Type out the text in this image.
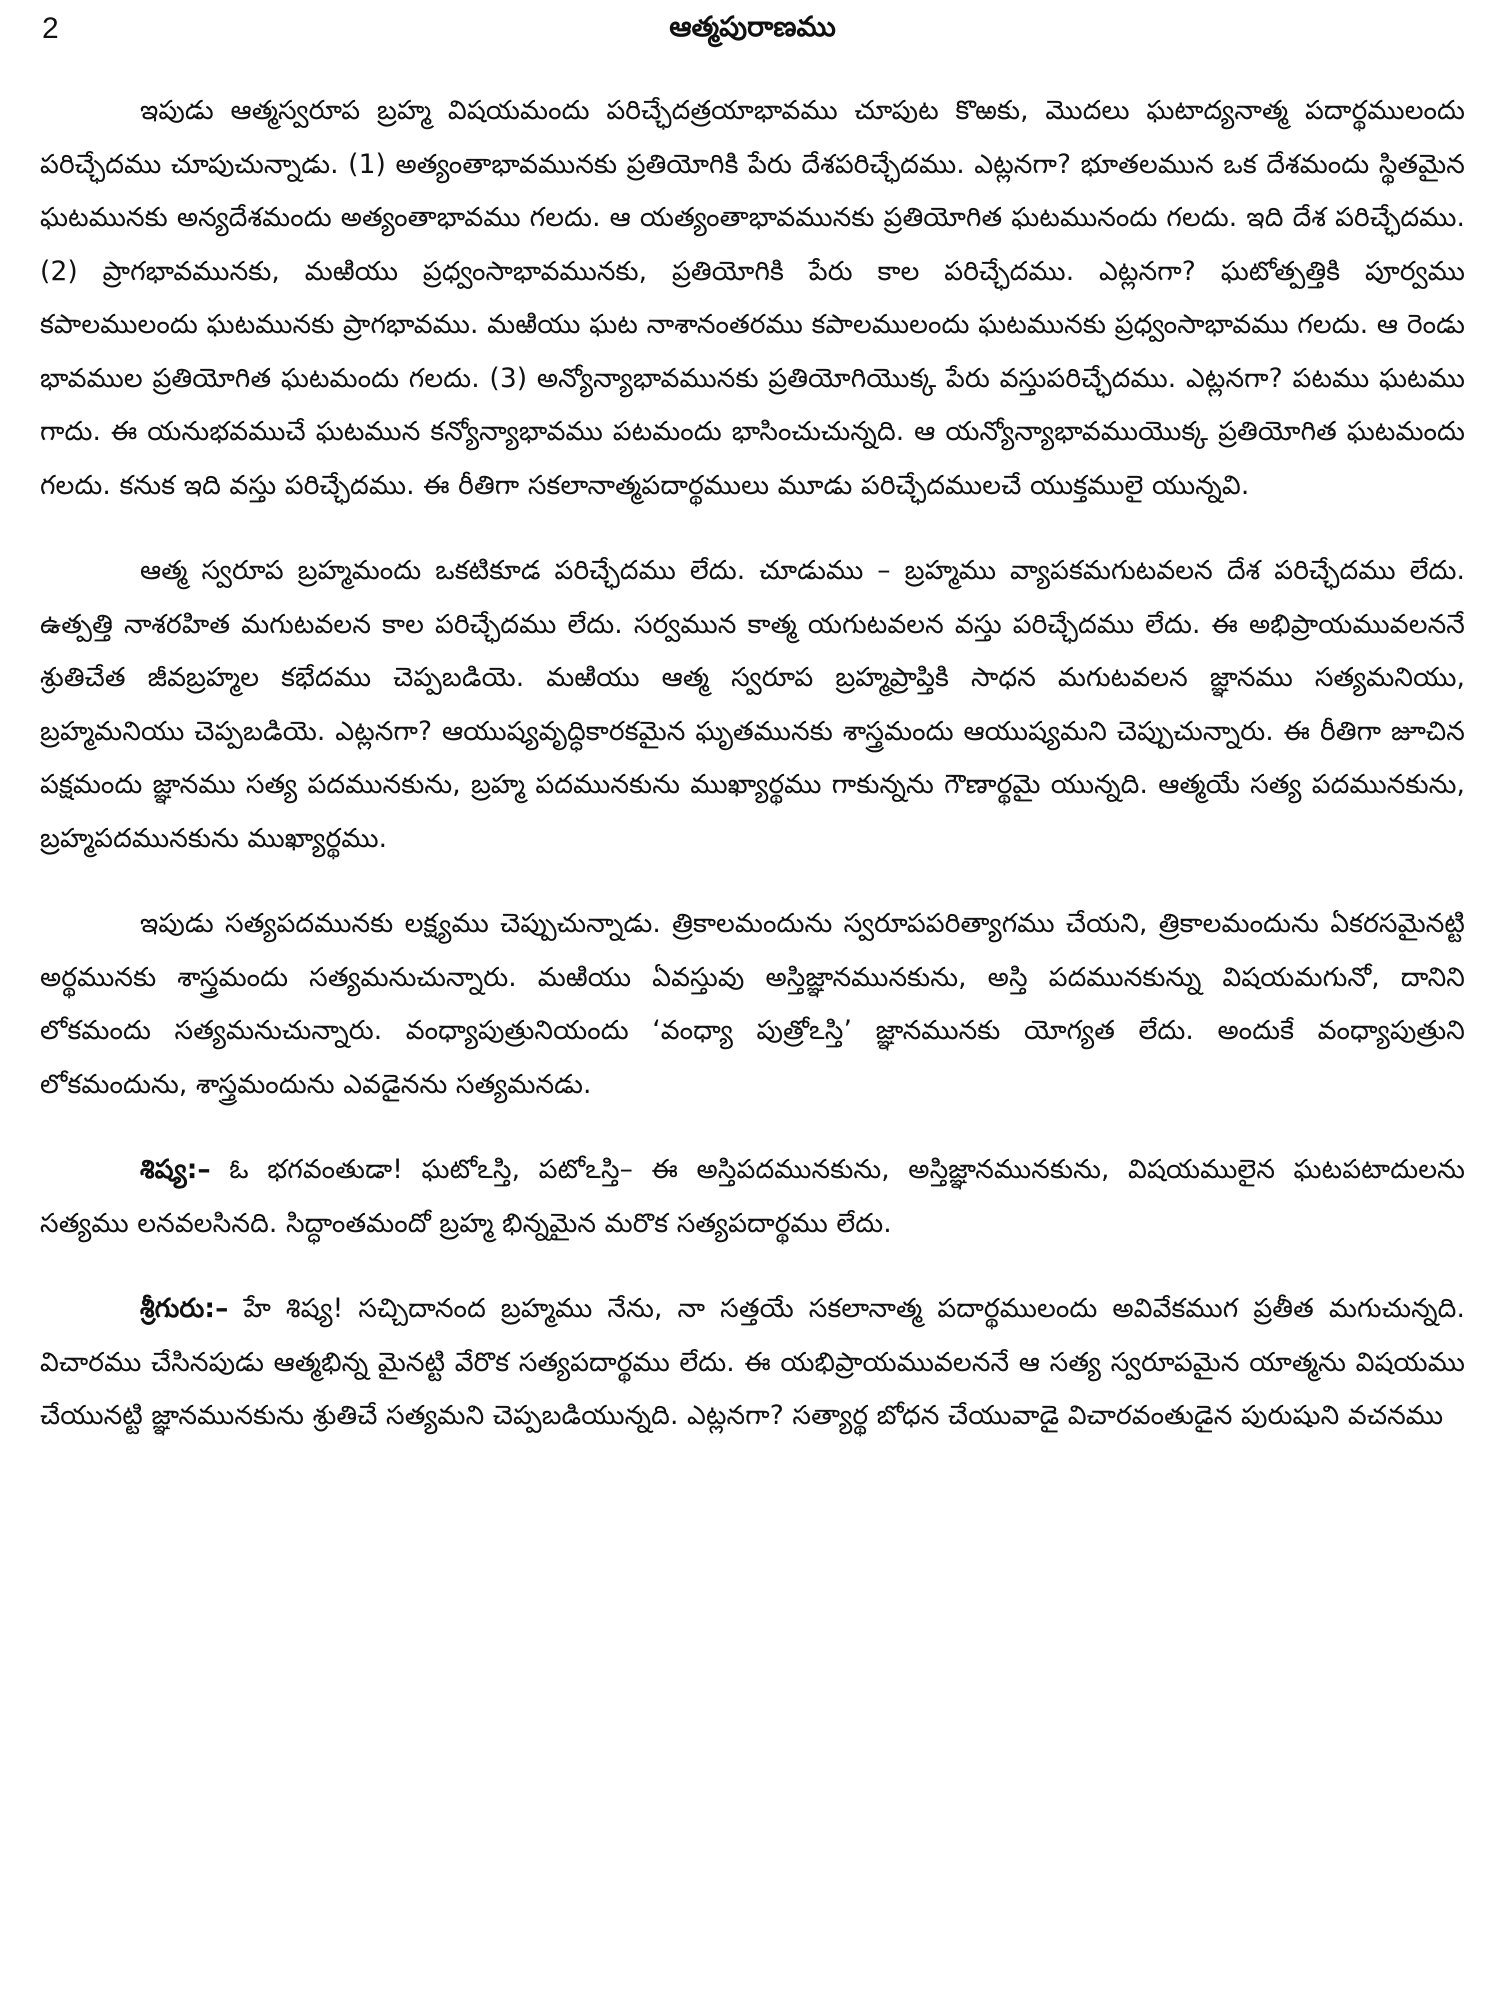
2	ఆత్మపురాణము

ఇపుడు ఆత్మస్వరూప బ్రహ్మ విషయమందు పరిచ్ఛేదత్రయాభావము చూపుట కొఱకు, మొదలు ఘటాద్యనాత్మ పదార్థములందు పరిచ్ఛేదము చూపుచున్నాడు. (1) అత్యంతాభావమునకు ప్రతియోగికి పేరు దేశపరిచ్ఛేదము. ఎట్లనగా? భూతలమున ఒక దేశమందు స్థితమైన ఘటమునకు అన్యదేశమందు అత్యంతాభావము గలదు. ఆ యత్యంతాభావమునకు ప్రతియోగిత ఘటమునందు గలదు. ఇది దేశ పరిచ్ఛేదము. (2) ప్రాగభావమునకు, మఱియు ప్రధ్వంసాభావమునకు, ప్రతియోగికి పేరు కాల పరిచ్ఛేదము. ఎట్లనగా? ఘటోత్పత్తికి పూర్వము కపాలములందు ఘటమునకు ప్రాగభావము. మఱియు ఘట నాశానంతరము కపాలములందు ఘటమునకు ప్రధ్వంసాభావము గలదు. ఆ రెండు భావముల ప్రతియోగిత ఘటమందు గలదు. (3) అన్యోన్యాభావమునకు ప్రతియోగియొక్క పేరు వస్తుపరిచ్ఛేదము. ఎట్లనగా? పటము ఘటము గాదు. ఈ యనుభవముచే ఘటమున కన్యోన్యాభావము పటమందు భాసించుచున్నది. ఆ యన్యోన్యాభావముయొక్క ప్రతియోగిత ఘటమందు గలదు. కనుక ఇది వస్తు పరిచ్ఛేదము. ఈ రీతిగా సకలానాత్మపదార్థములు మూడు పరిచ్ఛేదములచే యుక్తములై యున్నవి.

ఆత్మ స్వరూప బ్రహ్మమందు ఒకటికూడ పరిచ్ఛేదము లేదు. చూడుము – బ్రహ్మము వ్యాపకమగుటవలన దేశ పరిచ్ఛేదము లేదు. ఉత్పత్తి నాశరహిత మగుటవలన కాల పరిచ్ఛేదము లేదు. సర్వమున కాత్మ యగుటవలన వస్తు పరిచ్ఛేదము లేదు. ఈ అభిప్రాయమువలననే శ్రుతిచేత జీవబ్రహ్మల కభేదము చెప్పబడియె. మఱియు ఆత్మ స్వరూప బ్రహ్మప్రాప్తికి సాధన మగుటవలన జ్ఞానము సత్యమనియు, బ్రహ్మమనియు చెప్పబడియె. ఎట్లనగా? ఆయుష్యవృద్ధికారకమైన ఘృతమునకు శాస్త్రమందు ఆయుష్యమని చెప్పుచున్నారు. ఈ రీతిగా జూచిన పక్షమందు జ్ఞానము సత్య పదమునకును, బ్రహ్మ పదమునకును ముఖ్యార్థము గాకున్నను గౌణార్థమై యున్నది. ఆత్మయే సత్య పదమునకును, బ్రహ్మపదమునకును ముఖ్యార్థము.

ఇపుడు సత్యపదమునకు లక్ష్యము చెప్పుచున్నాడు. త్రికాలమందును స్వరూపపరిత్యాగము చేయని, త్రికాలమందును ఏకరసమైనట్టి అర్థమునకు శాస్త్రమందు సత్యమనుచున్నారు. మఱియు ఏవస్తువు అస్తిజ్ఞానమునకును, అస్తి పదమునకున్ను విషయమగునో, దానిని లోకమందు సత్యమనుచున్నారు. వంధ్యాపుత్రునియందు ‘వంధ్యా పుత్రోఽస్తి’ జ్ఞానమునకు యోగ్యత లేదు. అందుకే వంధ్యాపుత్రుని లోకమందును, శాస్త్రమందును ఎవడైనను సత్యమనడు.

శిష్య:– ఓ భగవంతుడా! ఘటోఽస్తి, పటోఽస్తి– ఈ అస్తిపదమునకును, అస్తిజ్ఞానమునకును, విషయములైన ఘటపటాదులను సత్యము లనవలసినది. సిద్ధాంతమందో బ్రహ్మ భిన్నమైన మరొక సత్యపదార్థము లేదు.

శ్రీగురు:– హే శిష్య! సచ్చిదానంద బ్రహ్మము నేను, నా సత్తయే సకలానాత్మ పదార్థములందు అవివేకముగ ప్రతీత మగుచున్నది. విచారము చేసినపుడు ఆత్మభిన్న మైనట్టి వేరొక సత్యపదార్థము లేదు. ఈ యభిప్రాయమువలననే ఆ సత్య స్వరూపమైన యాత్మను విషయము చేయునట్టి జ్ఞానమునకును శ్రుతిచే సత్యమని చెప్పబడియున్నది. ఎట్లనగా? సత్యార్థ బోధన చేయువాడై విచారవంతుడైన పురుషుని వచనము
